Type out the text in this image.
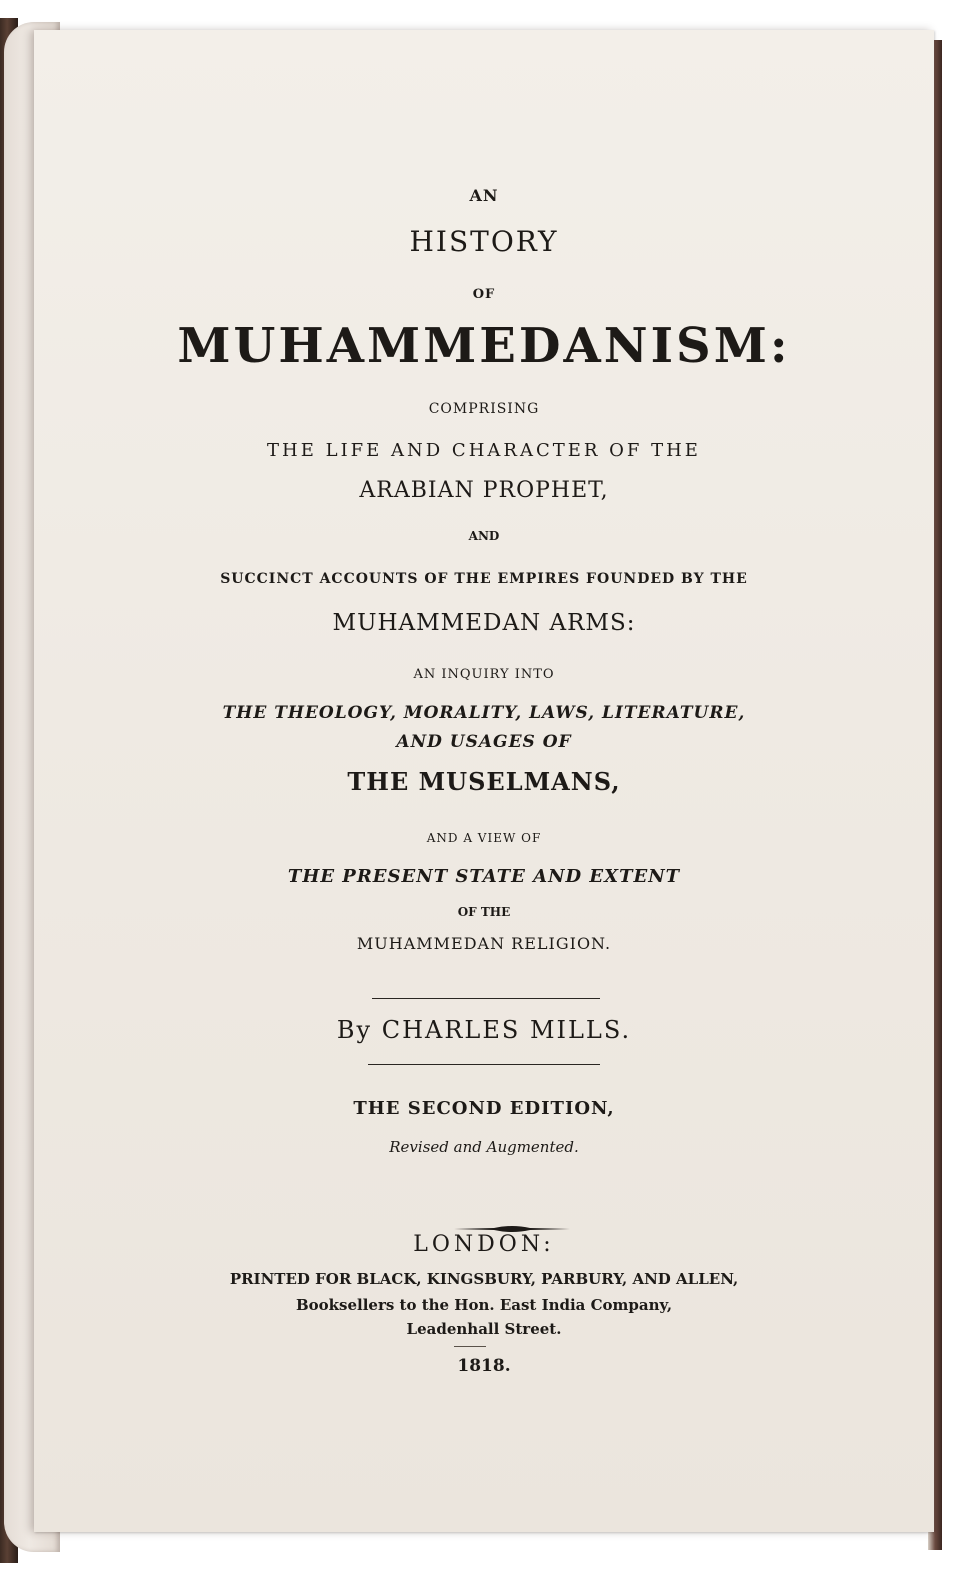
AN

HISTORY

OF

MUHAMMEDANISM:

COMPRISING

THE LIFE AND CHARACTER OF THE

ARABIAN PROPHET,

AND

SUCCINCT ACCOUNTS OF THE EMPIRES FOUNDED BY THE

MUHAMMEDAN ARMS:

AN INQUIRY INTO

THE THEOLOGY, MORALITY, LAWS, LITERATURE,

AND USAGES OF

THE MUSELMANS,

AND A VIEW OF

THE PRESENT STATE AND EXTENT

OF THE

MUHAMMEDAN RELIGION.

By CHARLES MILLS.

THE SECOND EDITION,

Revised and Augmented.

LONDON:

PRINTED FOR BLACK, KINGSBURY, PARBURY, AND ALLEN,

Booksellers to the Hon. East India Company,

Leadenhall Street.

1818.
